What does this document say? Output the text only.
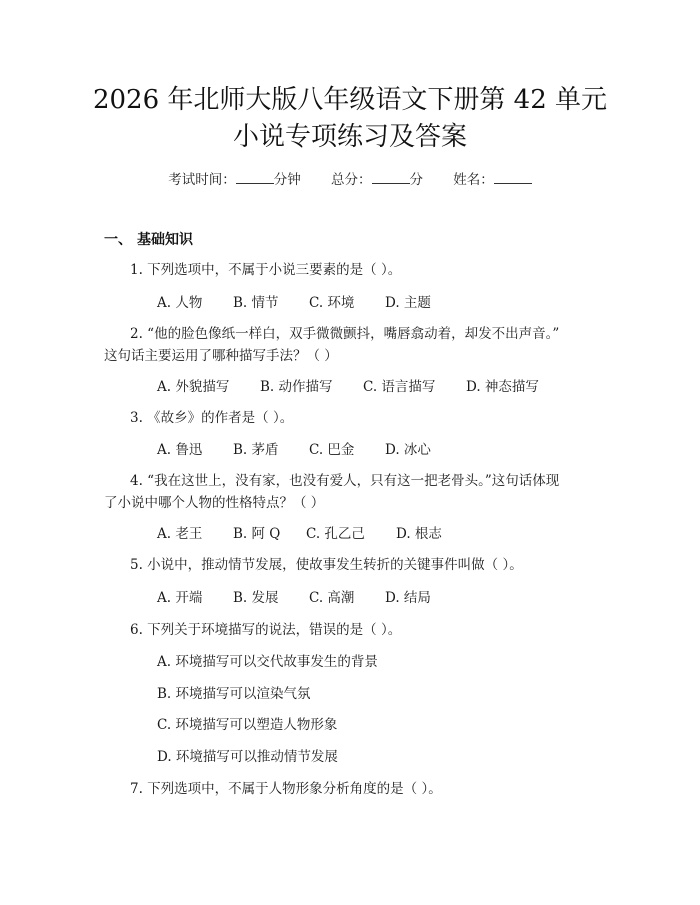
2026 年北师大版八年级语文下册第 42 单元
小说专项练习及答案
考试时间：	分钟 总分：	分 姓名：
一、 基础知识
1. 下列选项中，不属于小说三要素的是（ ）。
A. 人物 B. 情节 C. 环境 D. 主题
2. “他的脸色像纸一样白，双手微微颤抖，嘴唇翕动着，却发不出声音。”
这句话主要运用了哪种描写手法？（ ）
A. 外貌描写 B. 动作描写 C. 语言描写 D. 神态描写
3. 《故乡》的作者是（ ）。
A. 鲁迅 B. 茅盾 C. 巴金 D. 冰心
4. “我在这世上，没有家，也没有爱人，只有这一把老骨头。”这句话体现
了小说中哪个人物的性格特点？（ ）
A. 老王 B. 阿 Q C. 孔乙己 D. 根志
5. 小说中，推动情节发展，使故事发生转折的关键事件叫做（ ）。
A. 开端 B. 发展 C. 高潮 D. 结局
6. 下列关于环境描写的说法，错误的是（ ）。
A. 环境描写可以交代故事发生的背景
B. 环境描写可以渲染气氛
C. 环境描写可以塑造人物形象
D. 环境描写可以推动情节发展
7. 下列选项中，不属于人物形象分析角度的是（ ）。
